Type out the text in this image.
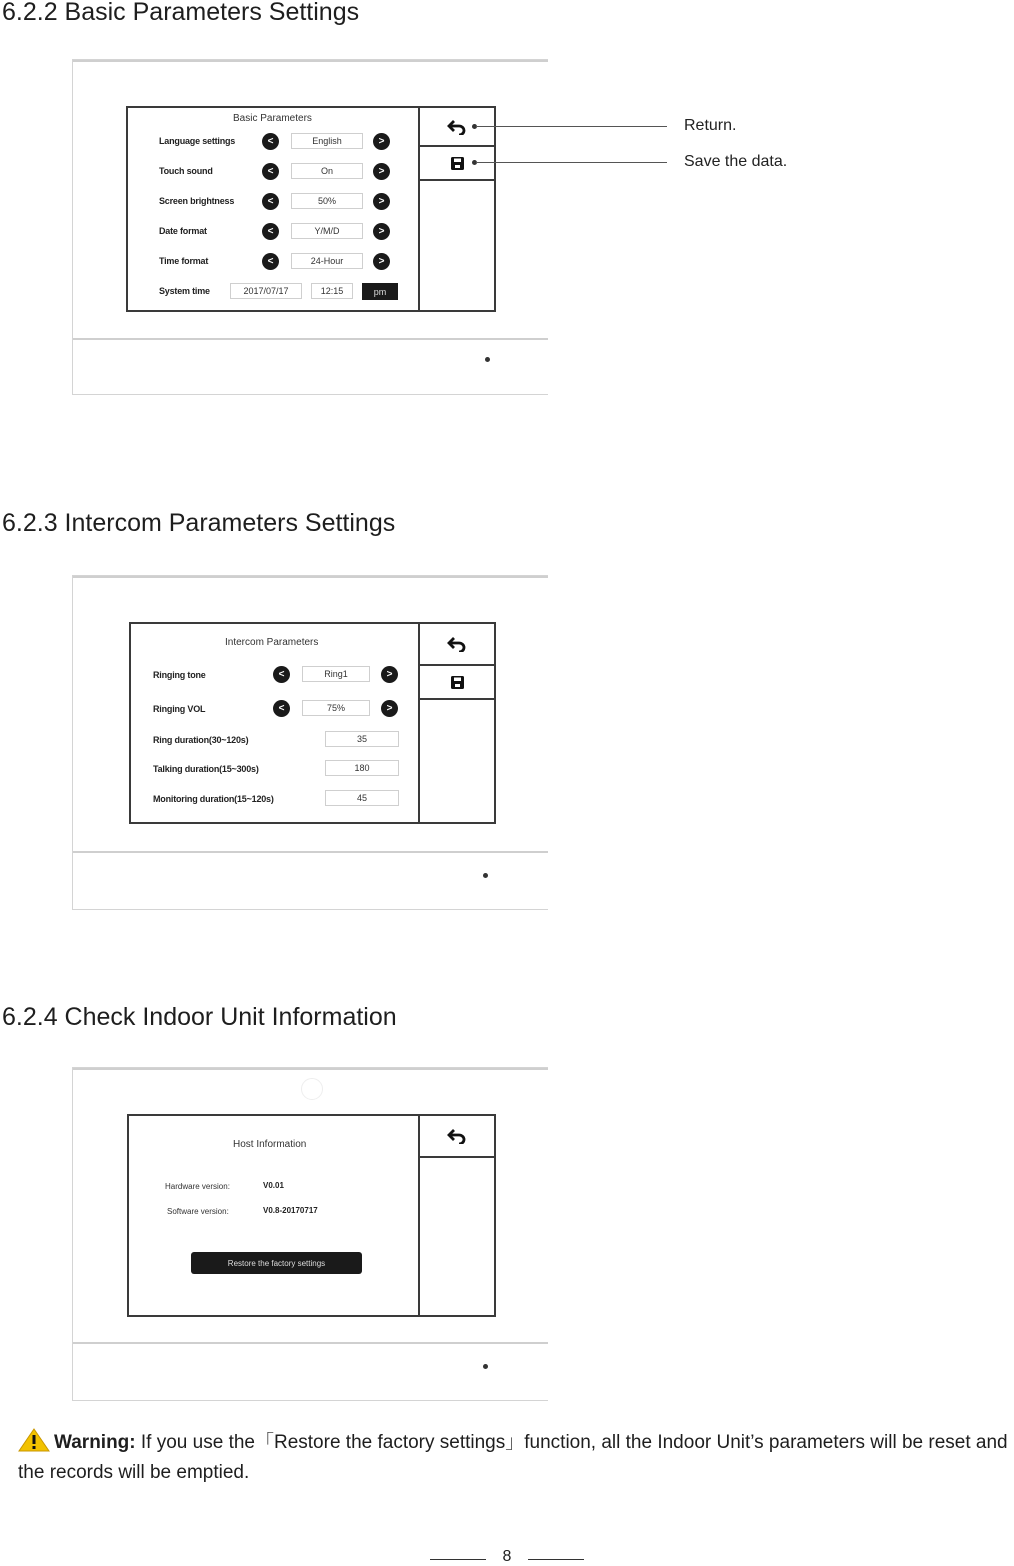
6.2.2 Basic Parameters Settings
Basic Parameters
Language settings	<	English	>
Touch sound	<	On	>
Screen brightness	<	50%	>
Date format	<	Y/M/D	>
Time format	<	24-Hour	>
System time	2017/07/17	12:15	pm
Return.
Save the data.
6.2.3 Intercom Parameters Settings
Intercom Parameters
Ringing tone	<	Ring1	>
Ringing VOL	<	75%	>
Ring duration(30~120s)	35
Talking duration(15~300s)	180
Monitoring duration(15~120s)	45
6.2.4 Check Indoor Unit Information
Host Information
Hardware version:	V0.01
Software version:	V0.8-20170717
Restore the factory settings
Warning: If you use the「Restore the factory settings」function, all the Indoor Unit’s parameters will be reset and the records will be emptied.
8
